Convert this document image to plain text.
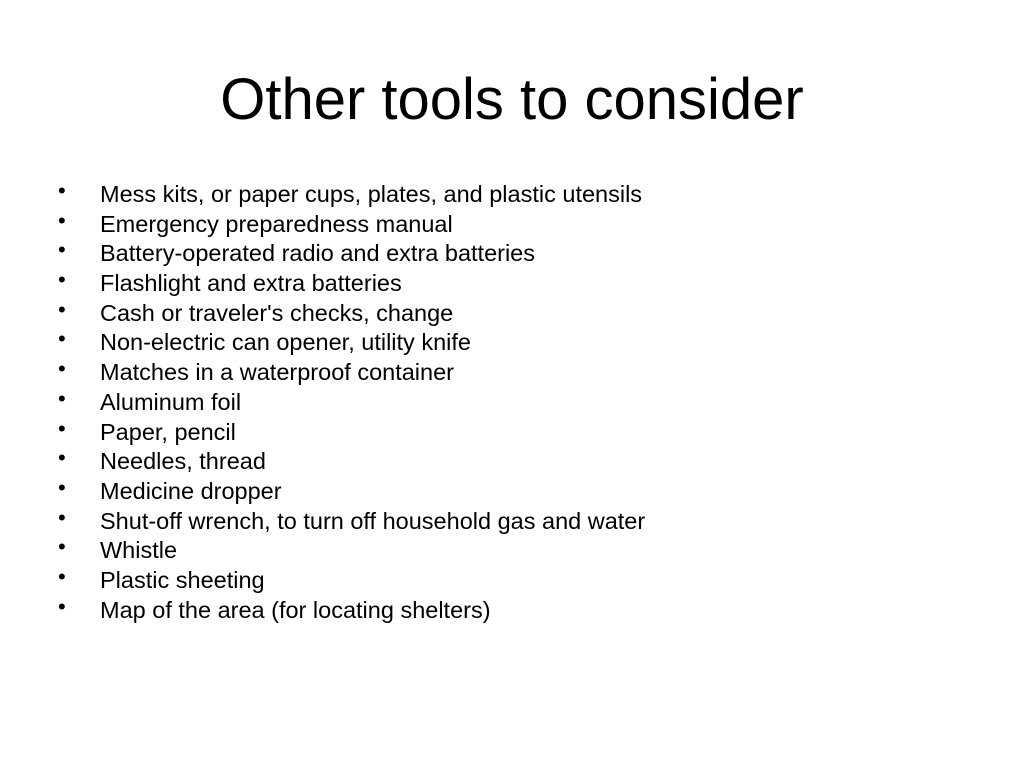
Other tools to consider
•	Mess kits, or paper cups, plates, and plastic utensils
•	Emergency preparedness manual
•	Battery-operated radio and extra batteries
•	Flashlight and extra batteries
•	Cash or traveler's checks, change
•	Non-electric can opener, utility knife
•	Matches in a waterproof container
•	Aluminum foil
•	Paper, pencil
•	Needles, thread
•	Medicine dropper
•	Shut-off wrench, to turn off household gas and water
•	Whistle
•	Plastic sheeting
•	Map of the area (for locating shelters)
